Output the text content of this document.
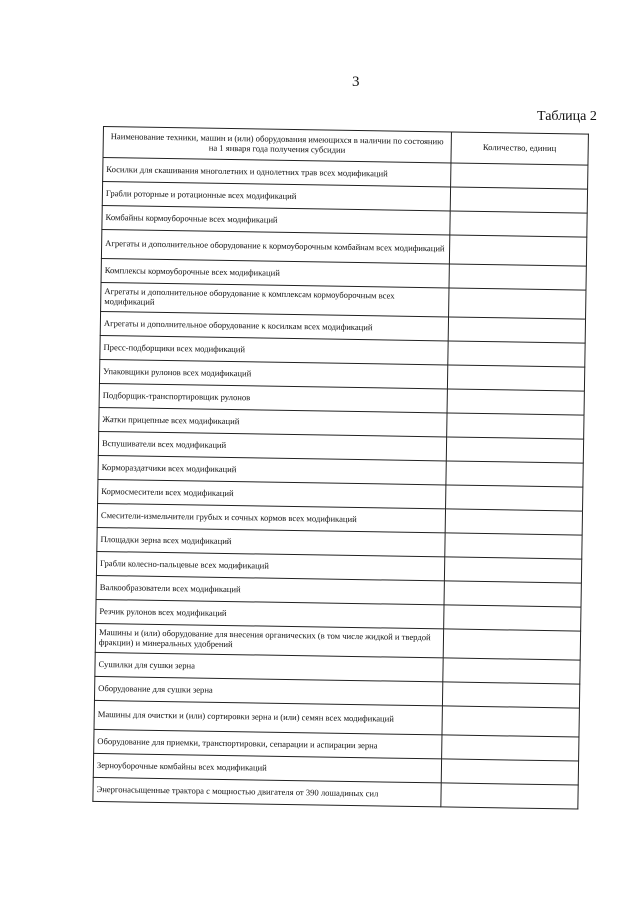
3
Таблица 2
Наименование техники, машин и (или) оборудования имеющихся в наличии по состоянию на 1 января года получения субсидии	Количество, единиц
Косилки для скашивания многолетних и однолетних трав всех модификаций	
Грабли роторные и ротационные всех модификаций	
Комбайны кормоуборочные всех модификаций	
Агрегаты и дополнительное оборудование к кормоуборочным комбайнам всех модификаций	
Комплексы кормоуборочные всех модификаций	
Агрегаты и дополнительное оборудование к комплексам кормоуборочным всех модификаций	
Агрегаты и дополнительное оборудование к косилкам всех модификаций	
Пресс-подборщики всех модификаций	
Упаковщики рулонов всех модификаций	
Подборщик-транспортировщик рулонов	
Жатки прицепные всех модификаций	
Вспушиватели всех модификаций	
Кормораздатчики всех модификаций	
Кормосмесители всех модификаций	
Смесители-измельчители грубых и сочных кормов всех модификаций	
Площадки зерна всех модификаций	
Грабли колесно-пальцевые всех модификаций	
Валкообразователи всех модификаций	
Резчик рулонов всех модификаций	
Машины и (или) оборудование для внесения органических (в том числе жидкой и твердой фракции) и минеральных удобрений	
Сушилки для сушки зерна	
Оборудование для сушки зерна	
Машины для очистки и (или) сортировки зерна и (или) семян всех модификаций	
Оборудование для приемки, транспортировки, сепарации и аспирации зерна	
Зерноуборочные комбайны всех модификаций	
Энергонасыщенные трактора с мощностью двигателя от 390 лошадиных сил	
